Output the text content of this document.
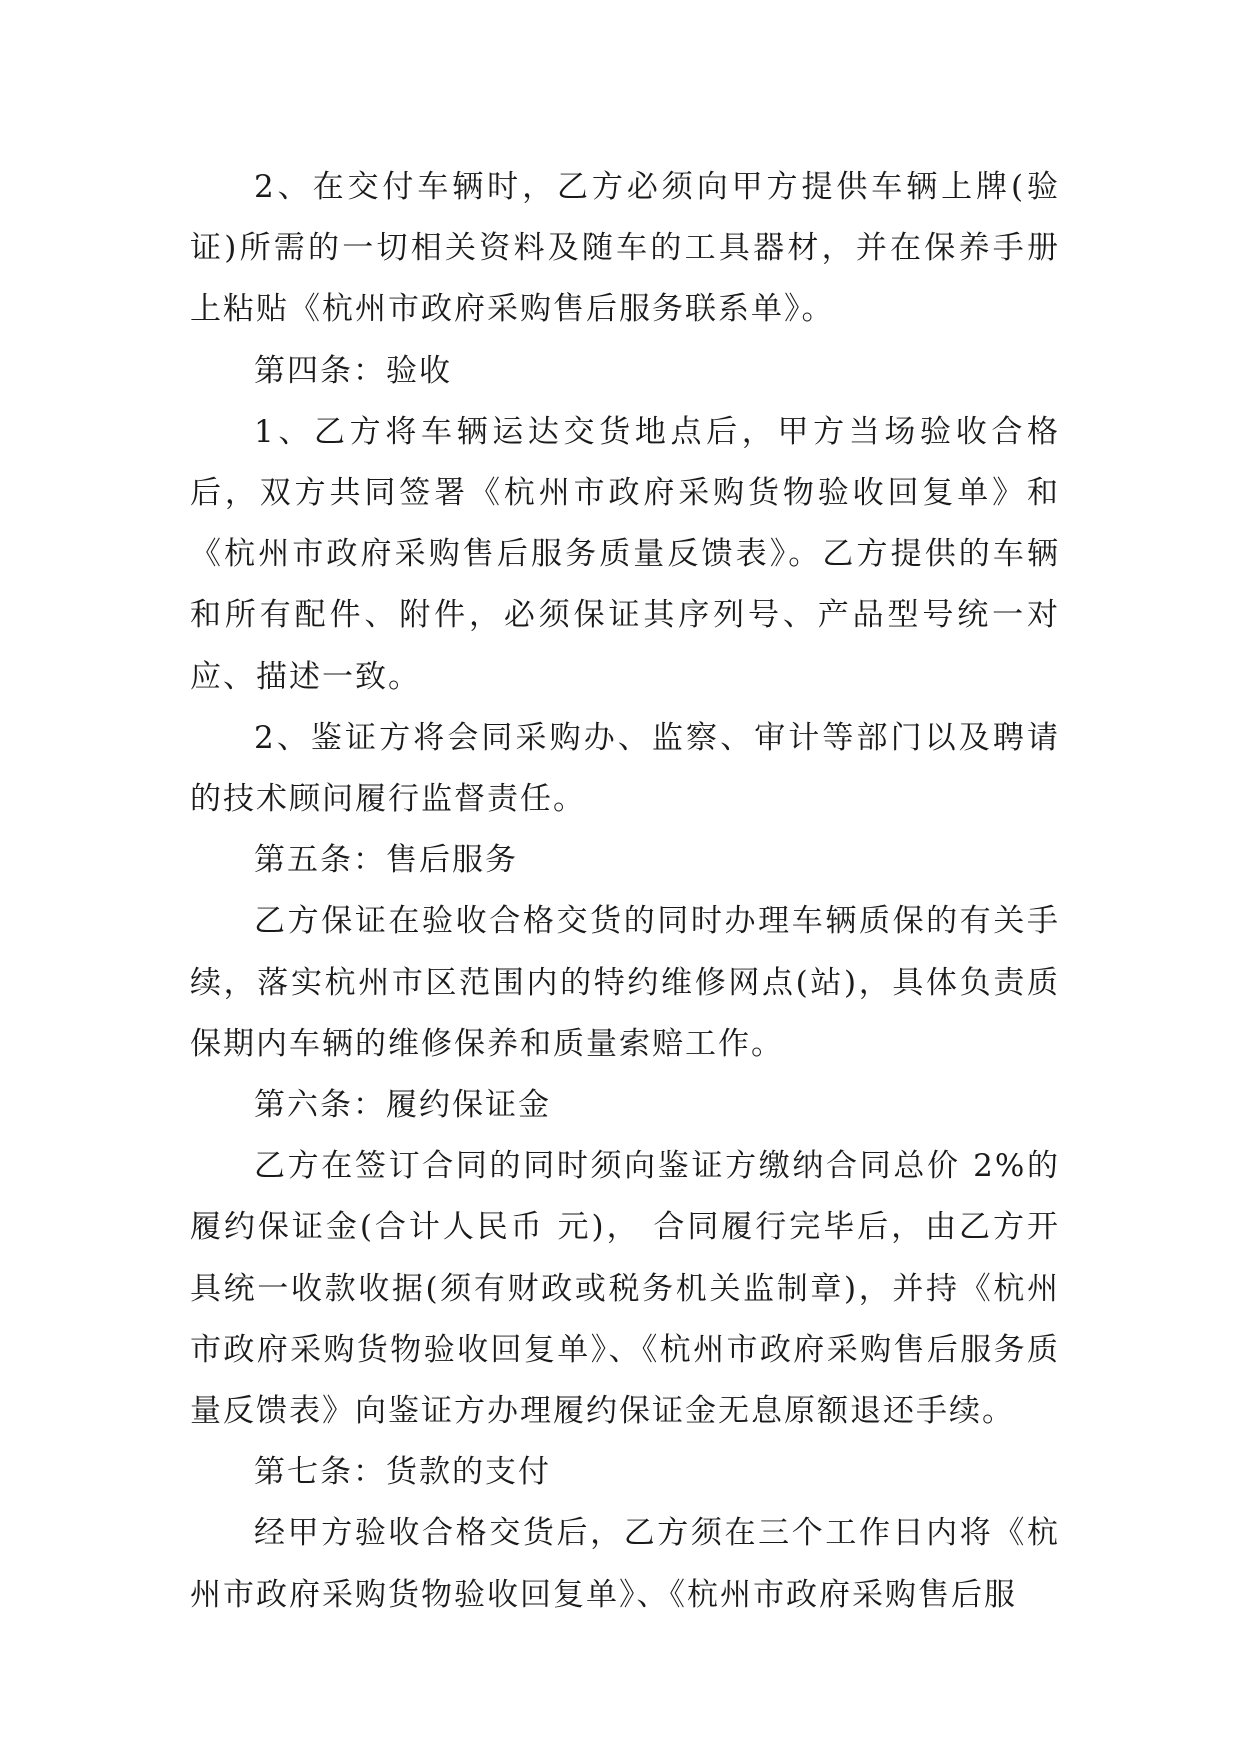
2、在交付车辆时，乙方必须向甲方提供车辆上牌(验证)所需的一切相关资料及随车的工具器材，并在保养手册上粘贴《杭州市政府采购售后服务联系单》。

第四条：验收

1、乙方将车辆运达交货地点后，甲方当场验收合格后，双方共同签署《杭州市政府采购货物验收回复单》和《杭州市政府采购售后服务质量反馈表》。乙方提供的车辆和所有配件、附件，必须保证其序列号、产品型号统一对应、描述一致。

2、鉴证方将会同采购办、监察、审计等部门以及聘请的技术顾问履行监督责任。

第五条：售后服务

乙方保证在验收合格交货的同时办理车辆质保的有关手续，落实杭州市区范围内的特约维修网点(站)，具体负责质保期内车辆的维修保养和质量索赔工作。

第六条：履约保证金

乙方在签订合同的同时须向鉴证方缴纳合同总价 2%的履约保证金(合计人民币 元)， 合同履行完毕后，由乙方开具统一收款收据(须有财政或税务机关监制章)，并持《杭州市政府采购货物验收回复单》、《杭州市政府采购售后服务质量反馈表》向鉴证方办理履约保证金无息原额退还手续。

第七条：货款的支付

经甲方验收合格交货后，乙方须在三个工作日内将《杭州市政府采购货物验收回复单》、《杭州市政府采购售后服
